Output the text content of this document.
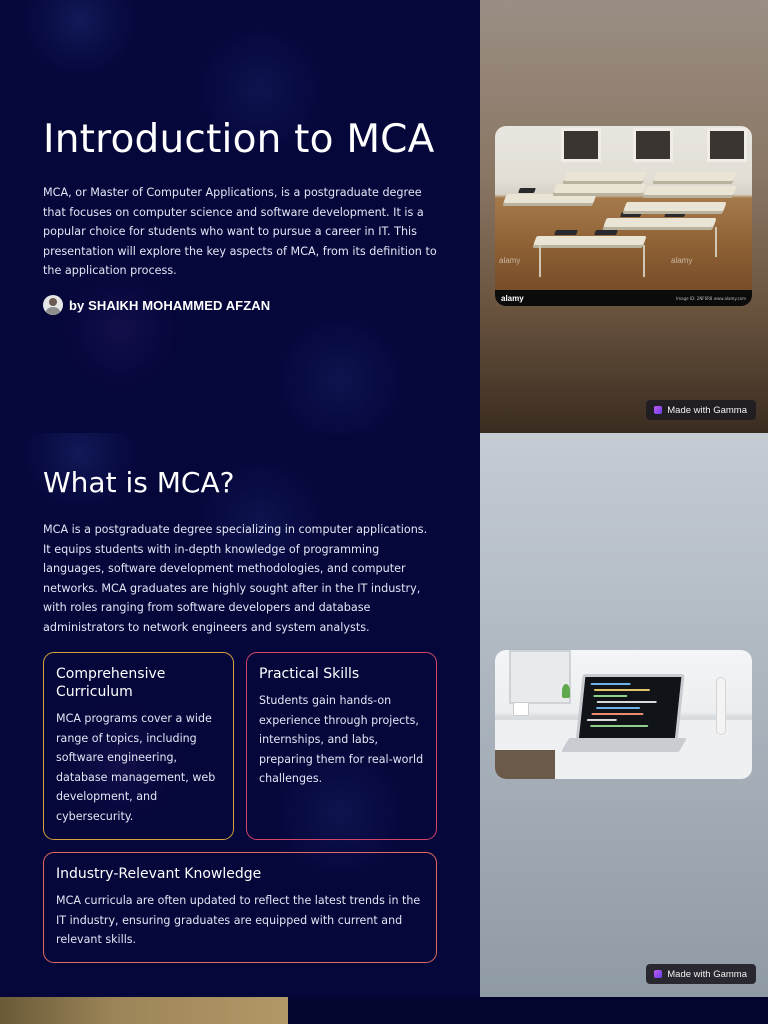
Introduction to MCA

MCA, or Master of Computer Applications, is a postgraduate degree that focuses on computer science and software development. It is a popular choice for students who want to pursue a career in IT. This presentation will explore the key aspects of MCA, from its definition to the application process.

by SHAIKH MOHAMMED AFZAN
alamy	alamy
alamy	Image ID: 2NF6R8 www.alamy.com
Made with Gamma
Made with Gamma
What is MCA?

MCA is a postgraduate degree specializing in computer applications. It equips students with in-depth knowledge of programming languages, software development methodologies, and computer networks. MCA graduates are highly sought after in the IT industry, with roles ranging from software developers and database administrators to network engineers and system analysts.

Comprehensive Curriculum

MCA programs cover a wide range of topics, including software engineering, database management, web development, and cybersecurity.

Practical Skills

Students gain hands-on experience through projects, internships, and labs, preparing them for real-world challenges.

Industry-Relevant Knowledge

MCA curricula are often updated to reflect the latest trends in the IT industry, ensuring graduates are equipped with current and relevant skills.
